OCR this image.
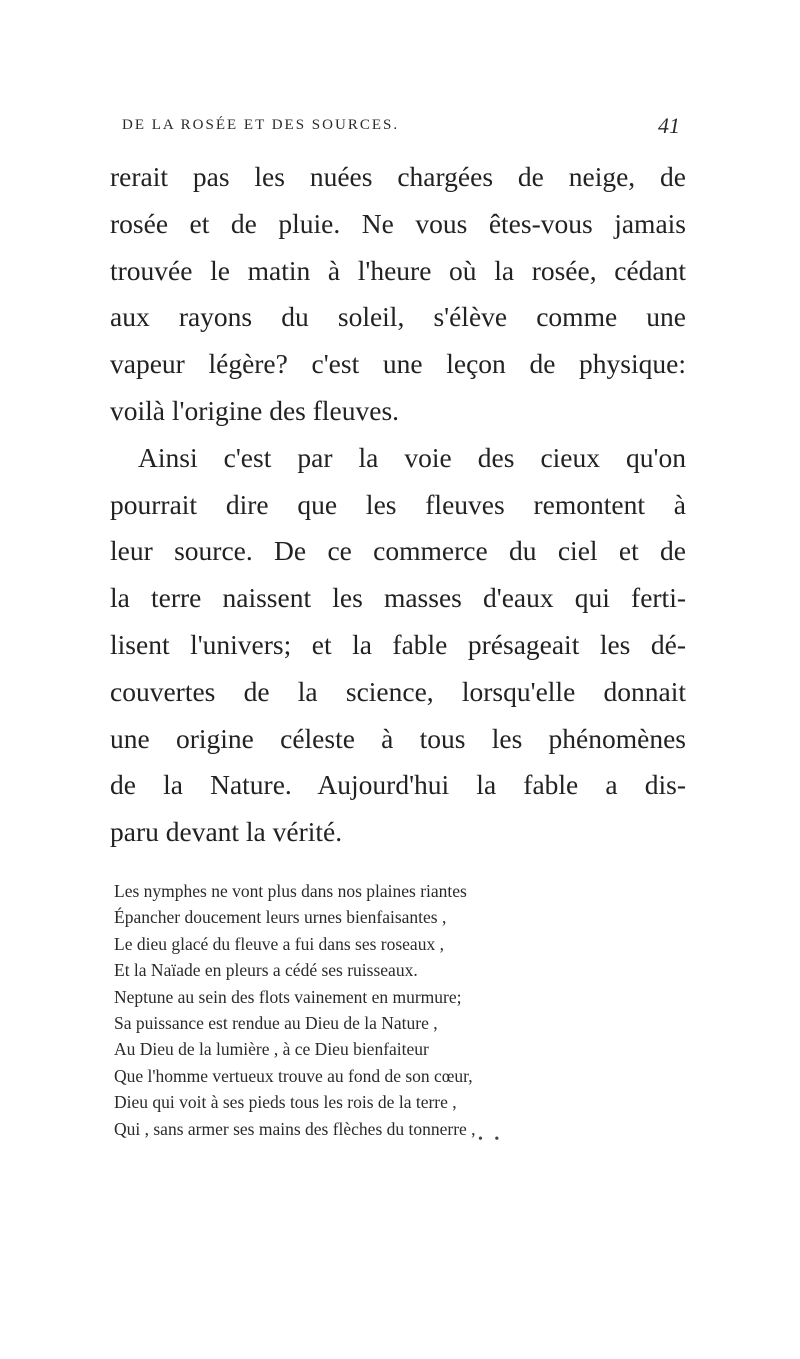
DE LA ROSÉE ET DES SOURCES.	41
rerait pas les nuées chargées de neige, de
rosée et de pluie. Ne vous êtes-vous jamais
trouvée le matin à l'heure où la rosée, cédant
aux rayons du soleil, s'élève comme une
vapeur légère? c'est une leçon de physique:
voilà l'origine des fleuves.
Ainsi c'est par la voie des cieux qu'on
pourrait dire que les fleuves remontent à
leur source. De ce commerce du ciel et de
la terre naissent les masses d'eaux qui ferti-
lisent l'univers; et la fable présageait les dé-
couvertes de la science, lorsqu'elle donnait
une origine céleste à tous les phénomènes
de la Nature. Aujourd'hui la fable a dis-
paru devant la vérité.
Les nymphes ne vont plus dans nos plaines riantes
Épancher doucement leurs urnes bienfaisantes ,
Le dieu glacé du fleuve a fui dans ses roseaux ,
Et la Naïade en pleurs a cédé ses ruisseaux.
Neptune au sein des flots vainement en murmure;
Sa puissance est rendue au Dieu de la Nature ,
Au Dieu de la lumière , à ce Dieu bienfaiteur
Que l'homme vertueux trouve au fond de son cœur,
Dieu qui voit à ses pieds tous les rois de la terre ,
Qui , sans armer ses mains des flèches du tonnerre ,
• •
